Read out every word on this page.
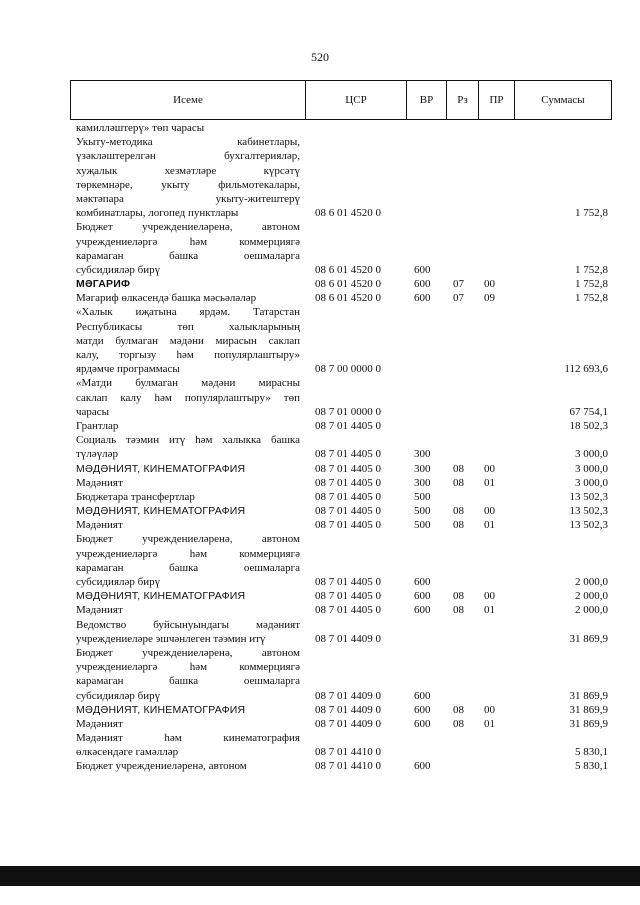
520
Исеме	ЦСР	ВР	Рз	ПР	Суммасы
камилләштерү» төп чарасы
Укыту-методика кабинетлары,
үзәкләштерелгән бухгалтерияләр,
хуҗалык хезмәтләре күрсәтү
төркемнәре, укыту фильмотекалары,
мәктәпара укыту-житештерү
комбинатлары, логопед пунктлары	08 6 01 4520 0	1 752,8
Бюджет учреждениеләренә, автоном
учреждениеләргә һәм коммерциягә
карамаган башка оешмаларга
субсидияләр бирү	08 6 01 4520 0	600	1 752,8
МӘГАРИФ	08 6 01 4520 0	600 07 00	1 752,8
Мәгариф өлкәсендә башка мәсьәләләр	08 6 01 4520 0	600 07 09	1 752,8
«Халык иҗатына ярдәм. Татарстан
Республикасы төп халыкларының
матди булмаган мәдәни мирасын саклап
калу, торгызу һәм популярлаштыру»
ярдәмче программасы	08 7 00 0000 0	112 693,6
«Матди булмаган мәдәни мирасны
саклап калу һәм популярлаштыру» төп
чарасы	08 7 01 0000 0	67 754,1
Грантлар	08 7 01 4405 0	18 502,3
Социаль тәэмин итү һәм халыкка башка
түләүләр	08 7 01 4405 0	300	3 000,0
МӘДӘНИЯТ, КИНЕМАТОГРАФИЯ	08 7 01 4405 0	300 08 00	3 000,0
Мәдәният	08 7 01 4405 0	300 08 01	3 000,0
Бюджетара трансфертлар	08 7 01 4405 0	500	13 502,3
МӘДӘНИЯТ, КИНЕМАТОГРАФИЯ	08 7 01 4405 0	500 08 00	13 502,3
Мәдәният	08 7 01 4405 0	500 08 01	13 502,3
Бюджет учреждениеләренә, автоном
учреждениеләргә һәм коммерциягә
карамаган башка оешмаларга
субсидияләр бирү	08 7 01 4405 0	600	2 000,0
МӘДӘНИЯТ, КИНЕМАТОГРАФИЯ	08 7 01 4405 0	600 08 00	2 000,0
Мәдәният	08 7 01 4405 0	600 08 01	2 000,0
Ведомство буйсынуындагы мәдәният
учреждениеләре эшчәнлеген тәэмин итү	08 7 01 4409 0	31 869,9
Бюджет учреждениеләренә, автоном
учреждениеләргә һәм коммерциягә
карамаган башка оешмаларга
субсидияләр бирү	08 7 01 4409 0	600	31 869,9
МӘДӘНИЯТ, КИНЕМАТОГРАФИЯ	08 7 01 4409 0	600 08 00	31 869,9
Мәдәният	08 7 01 4409 0	600 08 01	31 869,9
Мәдәният һәм кинематография
өлкәсендәге гамәлләр	08 7 01 4410 0	5 830,1
Бюджет учреждениеләренә, автоном	08 7 01 4410 0	600	5 830,1
